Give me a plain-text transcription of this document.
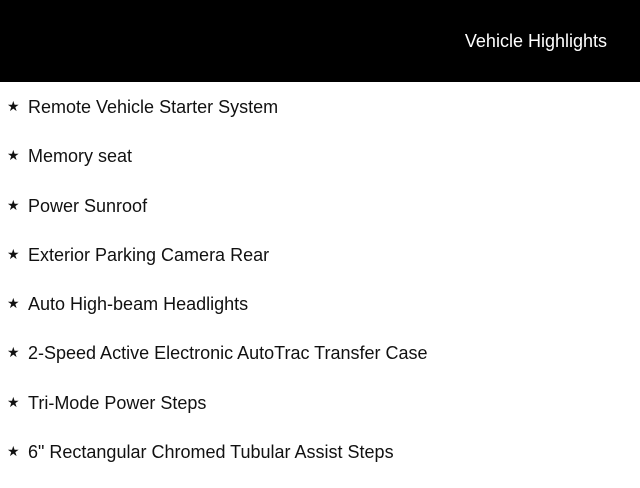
Vehicle Highlights
★ Remote Vehicle Starter System
★ Memory seat
★ Power Sunroof
★ Exterior Parking Camera Rear
★ Auto High-beam Headlights
★ 2-Speed Active Electronic AutoTrac Transfer Case
★ Tri-Mode Power Steps
★ 6" Rectangular Chromed Tubular Assist Steps
